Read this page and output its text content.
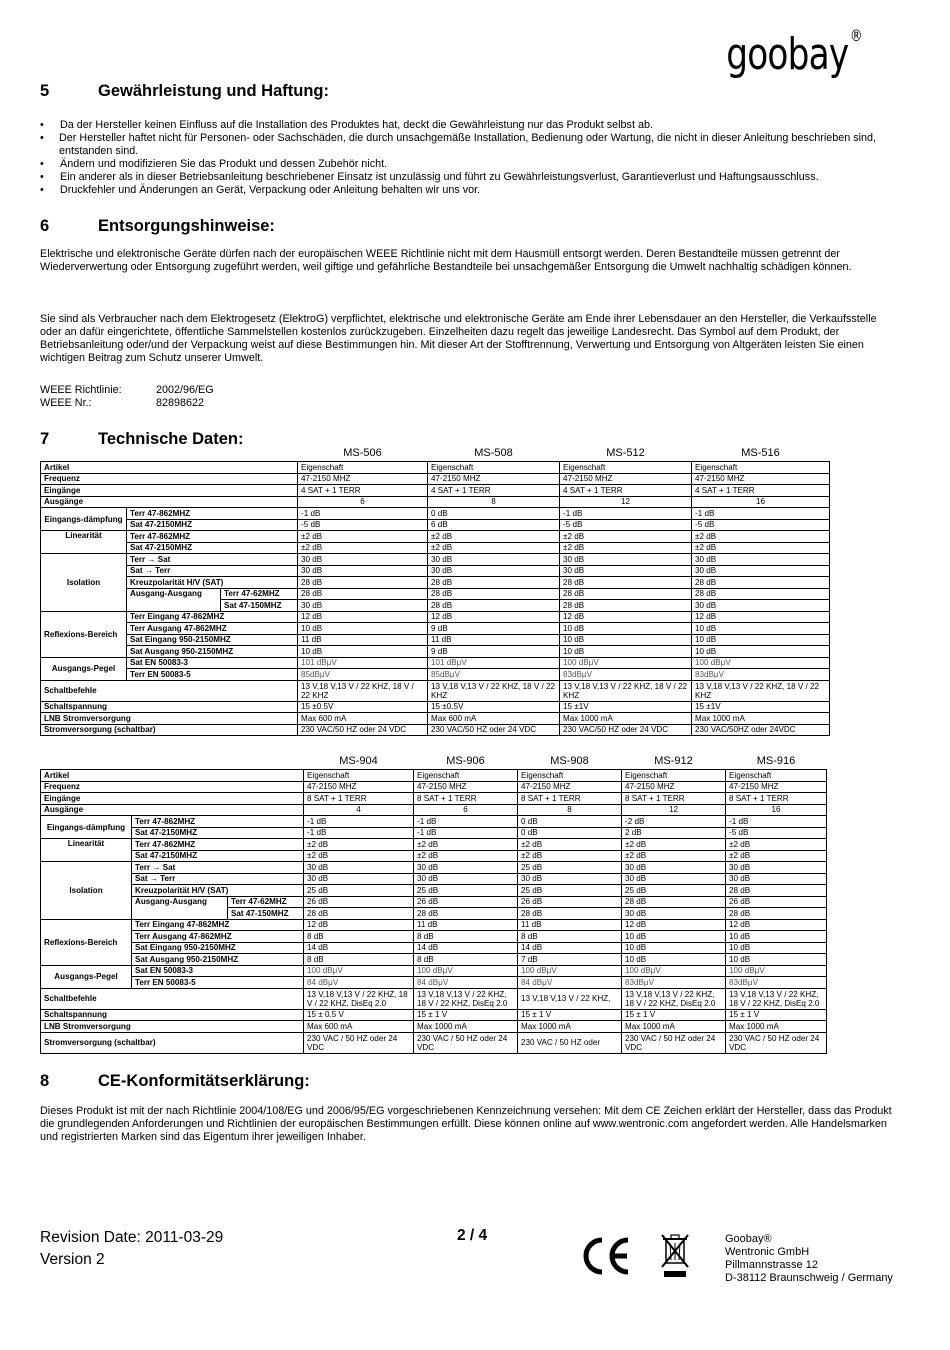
goobay®
5	Gewährleistung und Haftung:
• Da der Hersteller keinen Einfluss auf die Installation des Produktes hat, deckt die Gewährleistung nur das Produkt selbst ab.
• Der Hersteller haftet nicht für Personen- oder Sachschäden, die durch unsachgemäße Installation, Bedienung oder Wartung, die nicht in dieser Anleitung beschrieben sind, entstanden sind.
• Ändern und modifizieren Sie das Produkt und dessen Zubehör nicht.
• Ein anderer als in dieser Betriebsanleitung beschriebener Einsatz ist unzulässig und führt zu Gewährleistungsverlust, Garantieverlust und Haftungsausschluss.
• Druckfehler und Änderungen an Gerät, Verpackung oder Anleitung behalten wir uns vor.
6	Entsorgungshinweise:
Elektrische und elektronische Geräte dürfen nach der europäischen WEEE Richtlinie nicht mit dem Hausmüll entsorgt werden. Deren Bestandteile müssen getrennt der Wiederverwertung oder Entsorgung zugeführt werden, weil giftige und gefährliche Bestandteile bei unsachgemäßer Entsorgung die Umwelt nachhaltig schädigen können.
Sie sind als Verbraucher nach dem Elektrogesetz (ElektroG) verpflichtet, elektrische und elektronische Geräte am Ende ihrer Lebensdauer an den Hersteller, die Verkaufsstelle oder an dafür eingerichtete, öffentliche Sammelstellen kostenlos zurückzugeben. Einzelheiten dazu regelt das jeweilige Landesrecht. Das Symbol auf dem Produkt, der Betriebsanleitung oder/und der Verpackung weist auf diese Bestimmungen hin. Mit dieser Art der Stofftrennung, Verwertung und Entsorgung von Altgeräten leisten Sie einen wichtigen Beitrag zum Schutz unserer Umwelt.
WEEE Richtlinie:	2002/96/EG
WEEE Nr.:	82898622
7	Technische Daten:
			MS-506	MS-508	MS-512	MS-516
Artikel			Eigenschaft	Eigenschaft	Eigenschaft	Eigenschaft
Frequenz			47-2150 MHZ	47-2150 MHZ	47-2150 MHZ	47-2150 MHZ
Eingänge			4 SAT + 1 TERR	4 SAT + 1 TERR	4 SAT + 1 TERR	4 SAT + 1 TERR
Ausgänge			6	8	12	16
Eingangs-dämpfung	Terr 47-862MHZ		-1 dB	0 dB	-1 dB	-1 dB
	Sat 47-2150MHZ		-5 dB	6 dB	-5 dB	-5 dB
Linearität	Terr 47-862MHZ		±2 dB	±2 dB	±2 dB	±2 dB
	Sat 47-2150MHZ		±2 dB	±2 dB	±2 dB	±2 dB
Isolation	Terr → Sat		30 dB	30 dB	30 dB	30 dB
	Sat → Terr		30 dB	30 dB	30 dB	30 dB
	Kreuzpolarität H/V (SAT)		28 dB	28 dB	28 dB	28 dB
	Ausgang-Ausgang	Terr 47-62MHZ	28 dB	28 dB	28 dB	28 dB
		Sat 47-150MHZ	30 dB	28 dB	28 dB	30 dB
Reflexions-Bereich	Terr Eingang 47-862MHZ		12 dB	12 dB	12 dB	12 dB
	Terr Ausgang 47-862MHZ		10 dB	9 dB	10 dB	10 dB
	Sat Eingang 950-2150MHZ		11 dB	11 dB	10 dB	10 dB
	Sat Ausgang 950-2150MHZ		10 dB	9 dB	10 dB	10 dB
Ausgangs-Pegel	Sat EN 50083-3		101 dBμV	101 dBμV	100 dBμV	100 dBμV
	Terr EN 50083-5		85dBμV	85dBμV	83dBμV	83dBμV
Schaltbefehle			13 V,18 V,13 V / 22 KHZ, 18 V / 22 KHZ	13 V,18 V,13 V / 22 KHZ, 18 V / 22 KHZ	13 V,18 V,13 V / 22 KHZ, 18 V / 22 KHZ	13 V,18 V,13 V / 22 KHZ, 18 V / 22 KHZ
Schaltspannung			15 ±0.5V	15 ±0.5V	15 ±1V	15 ±1V
LNB Stromversorgung			Max 600 mA	Max 600 mA	Max 1000 mA	Max 1000 mA
Stromversorgung (schaltbar)			230 VAC/50 HZ oder 24 VDC	230 VAC/50 HZ oder 24 VDC	230 VAC/50 HZ oder 24 VDC	230 VAC/50HZ oder 24VDC
			MS-904	MS-906	MS-908	MS-912	MS-916
Artikel			Eigenschaft	Eigenschaft	Eigenschaft	Eigenschaft	Eigenschaft
Frequenz			47-2150 MHZ	47-2150 MHZ	47-2150 MHZ	47-2150 MHZ	47-2150 MHZ
Eingänge			8 SAT + 1 TERR	8 SAT + 1 TERR	8 SAT + 1 TERR	8 SAT + 1 TERR	8 SAT + 1 TERR
Ausgänge			4	6	8	12	16
Eingangs-dämpfung	Terr 47-862MHZ		-1 dB	-1 dB	0 dB	-2 dB	-1 dB
	Sat 47-2150MHZ		-1 dB	-1 dB	0 dB	2 dB	-5 dB
Linearität	Terr 47-862MHZ		±2 dB	±2 dB	±2 dB	±2 dB	±2 dB
	Sat 47-2150MHZ		±2 dB	±2 dB	±2 dB	±2 dB	±2 dB
Isolation	Terr → Sat		30 dB	30 dB	25 dB	30 dB	30 dB
	Sat → Terr		30 dB	30 dB	30 dB	30 dB	30 dB
	Kreuzpolarität H/V (SAT)		25 dB	25 dB	25 dB	25 dB	28 dB
	Ausgang-Ausgang	Terr 47-62MHZ	26 dB	26 dB	26 dB	28 dB	26 dB
		Sat 47-150MHZ	28 dB	28 dB	28 dB	30 dB	28 dB
Reflexions-Bereich	Terr Eingang 47-862MHZ		12 dB	11 dB	11 dB	12 dB	12 dB
	Terr Ausgang 47-862MHZ		8 dB	8 dB	8 dB	10 dB	10 dB
	Sat Eingang 950-2150MHZ		14 dB	14 dB	14 dB	10 dB	10 dB
	Sat Ausgang 950-2150MHZ		8 dB	8 dB	7 dB	10 dB	10 dB
Ausgangs-Pegel	Sat EN 50083-3		100 dBμV	100 dBμV	100 dBμV	100 dBμV	100 dBμV
	Terr EN 50083-5		84 dBμV	84 dBμV	84 dBμV	83dBμV	83dBμV
Schaltbefehle			13 V,18 V,13 V / 22 KHZ, 18 V / 22 KHZ, DisEq 2.0	13 V,18 V,13 V / 22 KHZ, 18 V / 22 KHZ, DisEq 2.0	13 V,18 V,13 V / 22 KHZ,	13 V,18 V,13 V / 22 KHZ, 18 V / 22 KHZ, DisEq 2.0	13 V,18 V,13 V / 22 KHZ, 18 V / 22 KHZ, DisEq 2.0
Schaltspannung			15 ± 0.5 V	15 ± 1 V	15 ± 1 V	15 ± 1 V	15 ± 1 V
LNB Stromversorgung			Max 600 mA	Max 1000 mA	Max 1000 mA	Max 1000 mA	Max 1000 mA
Stromversorgung (schaltbar)			230 VAC / 50 HZ oder 24 VDC	230 VAC / 50 HZ oder 24 VDC	230 VAC / 50 HZ oder	230 VAC / 50 HZ oder 24 VDC	230 VAC / 50 HZ oder 24 VDC
8	CE-Konformitätserklärung:
Dieses Produkt ist mit der nach Richtlinie 2004/108/EG und 2006/95/EG vorgeschriebenen Kennzeichnung versehen: Mit dem CE Zeichen erklärt der Hersteller, dass das Produkt die grundlegenden Anforderungen und Richtlinien der europäischen Bestimmungen erfüllt. Diese können online auf www.wentronic.com angefordert werden. Alle Handelsmarken und registrierten Marken sind das Eigentum ihrer jeweiligen Inhaber.
Revision Date: 2011-03-29
Version 2
2 / 4	Goobay®
Wentronic GmbH
Pillmannstrasse 12
D-38112 Braunschweig / Germany
